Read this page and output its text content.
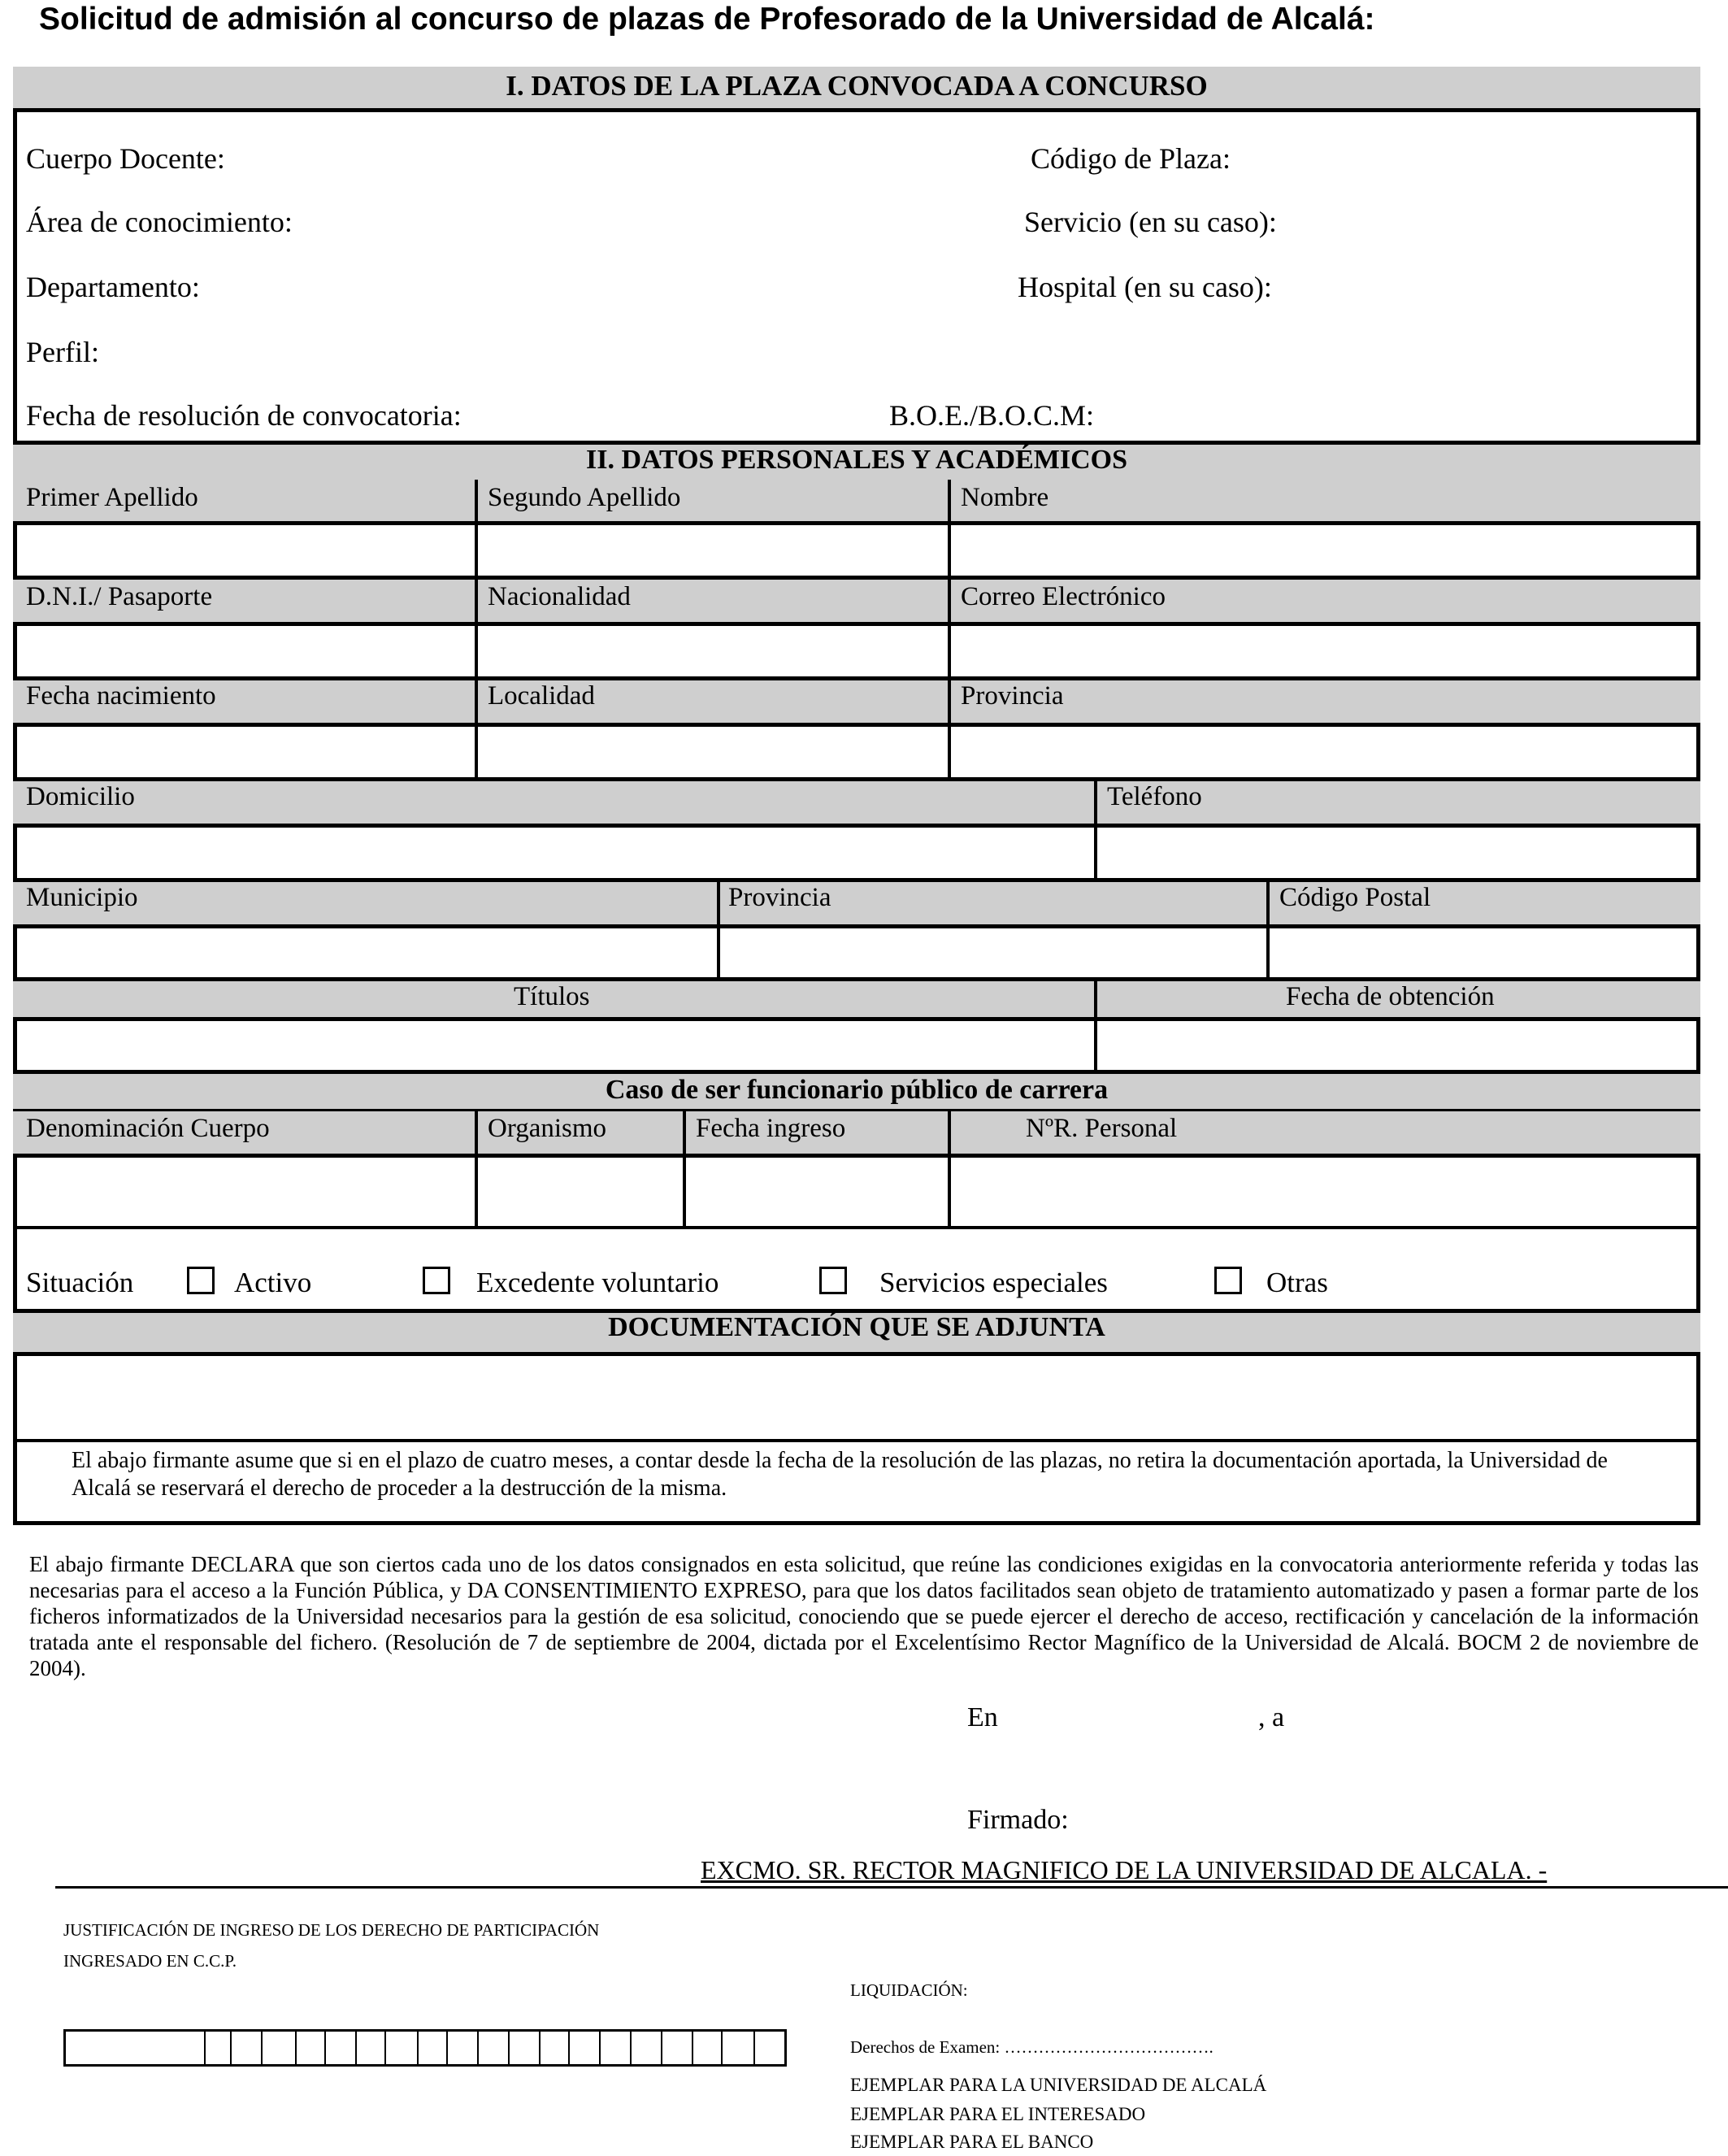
Solicitud de admisión al concurso de plazas de Profesorado de la Universidad de Alcalá:
I. DATOS DE LA PLAZA CONVOCADA A CONCURSO
Cuerpo Docente:	Código de Plaza:
Área de conocimiento:	Servicio (en su caso):
Departamento:	Hospital (en su caso):
Perfil:
Fecha de resolución de convocatoria:	B.O.E./B.O.C.M:
II. DATOS PERSONALES Y ACADÉMICOS
Primer Apellido	Segundo Apellido	Nombre
D.N.I./ Pasaporte	Nacionalidad	Correo Electrónico
Fecha nacimiento	Localidad	Provincia
Domicilio	Teléfono
Municipio	Provincia	Código Postal
Títulos	Fecha de obtención
Caso de ser funcionario público de carrera
Denominación Cuerpo	Organismo	Fecha ingreso	NºR. Personal
Situación	Activo	Excedente voluntario	Servicios especiales	Otras
DOCUMENTACIÓN QUE SE ADJUNTA
El abajo firmante asume que si en el plazo de cuatro meses, a contar desde la fecha de la resolución de las plazas, no retira la documentación aportada, la Universidad de Alcalá se reservará el derecho de proceder a la destrucción de la misma.
El abajo firmante DECLARA que son ciertos cada uno de los datos consignados en esta solicitud, que reúne las condiciones exigidas en la convocatoria anteriormente referida y todas las necesarias para el acceso a la Función Pública, y DA CONSENTIMIENTO EXPRESO, para que los datos facilitados sean objeto de tratamiento automatizado y pasen a formar parte de los ficheros informatizados de la Universidad necesarios para la gestión de esa solicitud, conociendo que se puede ejercer el derecho de acceso, rectificación y cancelación de la información tratada ante el responsable del fichero. (Resolución de 7 de septiembre de 2004, dictada por el Excelentísimo Rector Magnífico de la Universidad de Alcalá. BOCM 2 de noviembre de 2004).
En	, a
Firmado:
EXCMO. SR. RECTOR MAGNIFICO DE LA UNIVERSIDAD DE ALCALA. -
JUSTIFICACIÓN DE INGRESO DE LOS DERECHO DE PARTICIPACIÓN
INGRESADO EN C.C.P.
LIQUIDACIÓN:
Derechos de Examen: ……………………………….
EJEMPLAR PARA LA UNIVERSIDAD DE ALCALÁ
EJEMPLAR PARA EL INTERESADO
EJEMPLAR PARA EL BANCO
